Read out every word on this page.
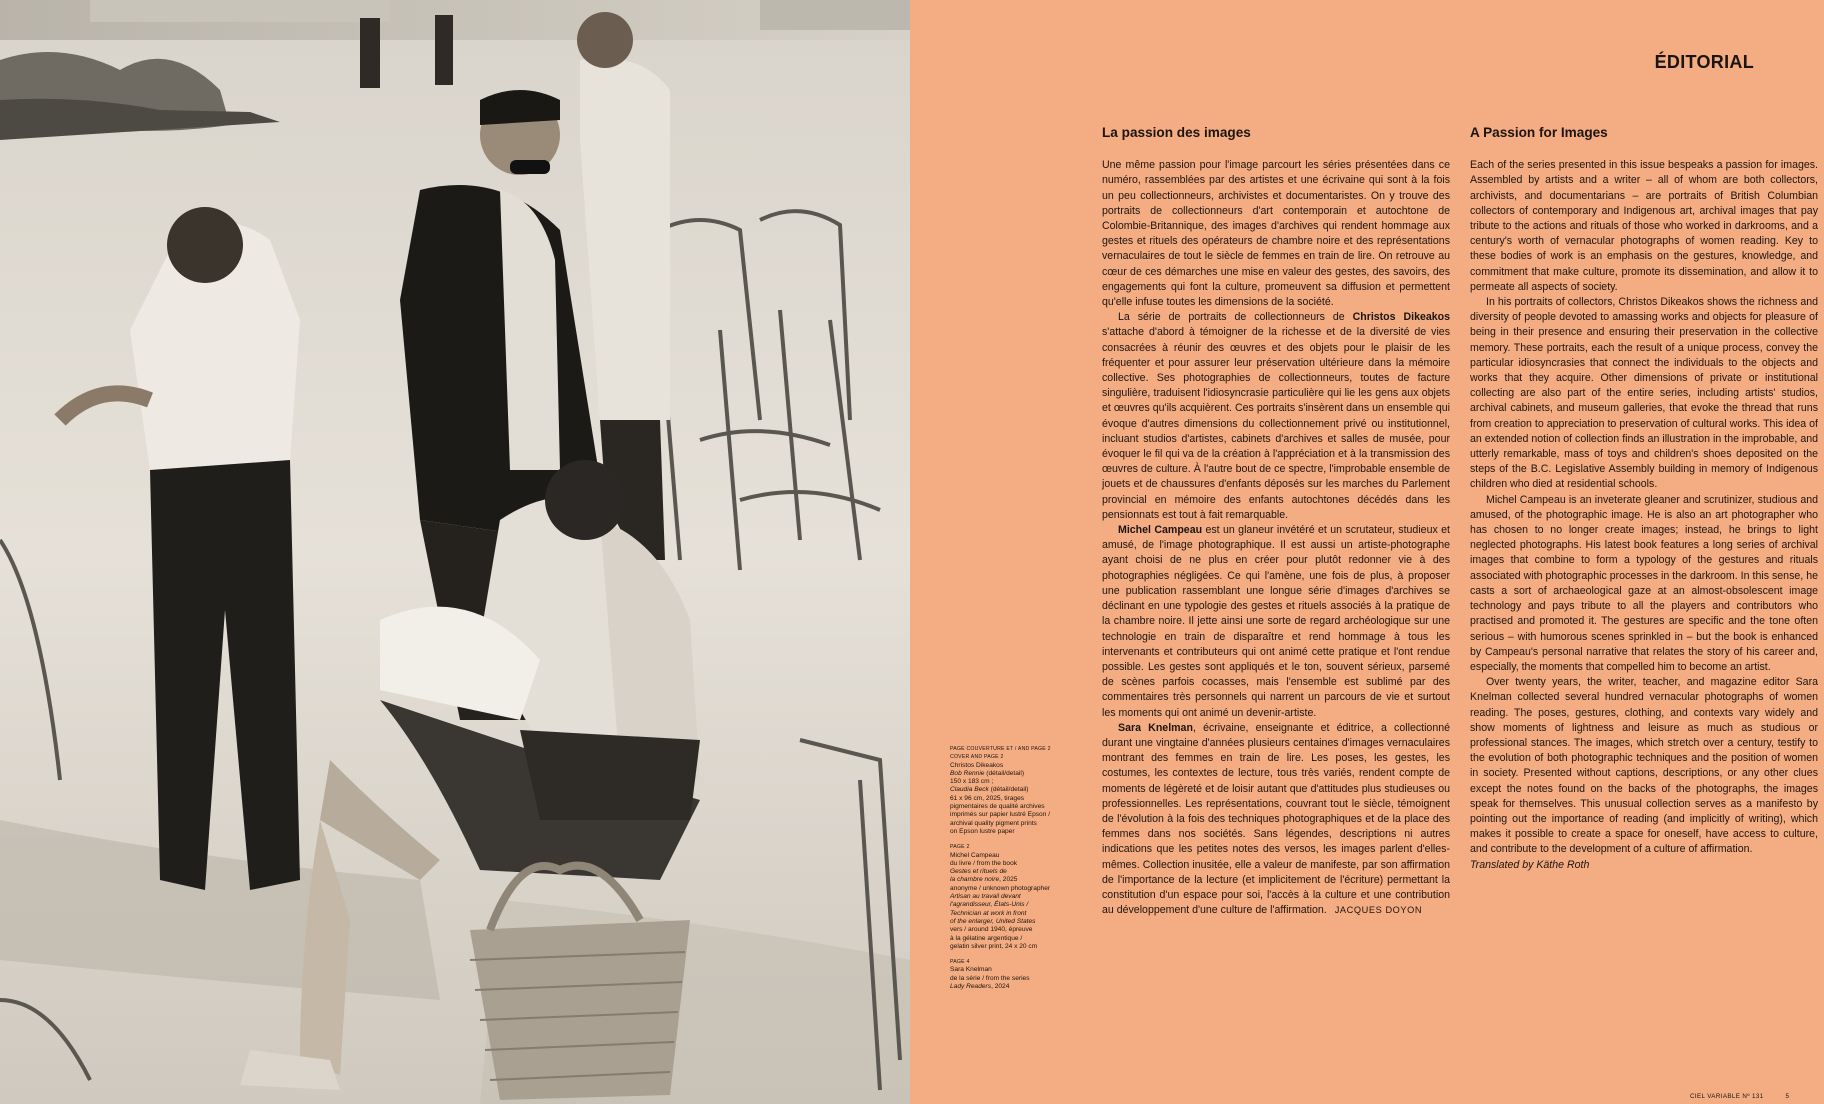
ÉDITORIAL
PAGE COUVERTURE ET / AND PAGE 2
COVER AND PAGE 2
Christos Dikeakos
Bob Rennie (détail/detail)
150 x 183 cm ;
Claudia Beck (détail/detail)
61 x 96 cm, 2025, tirages
pigmentaires de qualité archives
imprimés sur papier lustré Epson /
archival quality pigment prints
on Epson lustre paper
PAGE 2
Michel Campeau
du livre / from the book
Gestes et rituels de
la chambre noire, 2025
anonyme / unknown photographer
Artisan au travail devant
l'agrandisseur, États-Unis /
Technician at work in front
of the enlarger, United States
vers / around 1940, épreuve
à la gélatine argentique /
gelatin silver print, 24 x 20 cm
PAGE 4
Sara Knelman
de la série / from the series
Lady Readers, 2024
La passion des images

Une même passion pour l'image parcourt les séries présentées dans ce numéro, rassemblées par des artistes et une écrivaine qui sont à la fois un peu collectionneurs, archivistes et documentaristes. On y trouve des portraits de collectionneurs d'art contemporain et autochtone de Colombie-Britannique, des images d'archives qui rendent hommage aux gestes et rituels des opérateurs de chambre noire et des représentations vernaculaires de tout le siècle de femmes en train de lire. On retrouve au cœur de ces démarches une mise en valeur des gestes, des savoirs, des engagements qui font la culture, promeuvent sa diffusion et permettent qu'elle infuse toutes les dimensions de la société.

La série de portraits de collectionneurs de Christos Dikeakos s'attache d'abord à témoigner de la richesse et de la diversité de vies consacrées à réunir des œuvres et des objets pour le plaisir de les fréquenter et pour assurer leur préservation ultérieure dans la mémoire collective. Ses photographies de collectionneurs, toutes de facture singulière, traduisent l'idiosyncrasie particulière qui lie les gens aux objets et œuvres qu'ils acquièrent. Ces portraits s'insèrent dans un ensemble qui évoque d'autres dimensions du collectionnement privé ou institutionnel, incluant studios d'artistes, cabinets d'archives et salles de musée, pour évoquer le fil qui va de la création à l'appréciation et à la transmission des œuvres de culture. À l'autre bout de ce spectre, l'improbable ensemble de jouets et de chaussures d'enfants déposés sur les marches du Parlement provincial en mémoire des enfants autochtones décédés dans les pensionnats est tout à fait remarquable.

Michel Campeau est un glaneur invétéré et un scrutateur, studieux et amusé, de l'image photographique. Il est aussi un artiste-photographe ayant choisi de ne plus en créer pour plutôt redonner vie à des photographies négligées. Ce qui l'amène, une fois de plus, à proposer une publication rassemblant une longue série d'images d'archives se déclinant en une typologie des gestes et rituels associés à la pratique de la chambre noire. Il jette ainsi une sorte de regard archéologique sur une technologie en train de disparaître et rend hommage à tous les intervenants et contributeurs qui ont animé cette pratique et l'ont rendue possible. Les gestes sont appliqués et le ton, souvent sérieux, parsemé de scènes parfois cocasses, mais l'ensemble est sublimé par des commentaires très personnels qui narrent un parcours de vie et surtout les moments qui ont animé un devenir-artiste.

Sara Knelman, écrivaine, enseignante et éditrice, a collectionné durant une vingtaine d'années plusieurs centaines d'images vernaculaires montrant des femmes en train de lire. Les poses, les gestes, les costumes, les contextes de lecture, tous très variés, rendent compte de moments de légèreté et de loisir autant que d'attitudes plus studieuses ou professionnelles. Les représentations, couvrant tout le siècle, témoignent de l'évolution à la fois des techniques photographiques et de la place des femmes dans nos sociétés. Sans légendes, descriptions ni autres indications que les petites notes des versos, les images parlent d'elles-mêmes. Collection inusitée, elle a valeur de manifeste, par son affirmation de l'importance de la lecture (et implicitement de l'écriture) permettant la constitution d'un espace pour soi, l'accès à la culture et une contribution au développement d'une culture de l'affirmation. JACQUES DOYON

A Passion for Images

Each of the series presented in this issue bespeaks a passion for images. Assembled by artists and a writer – all of whom are both collectors, archivists, and documentarians – are portraits of British Columbian collectors of contemporary and Indigenous art, archival images that pay tribute to the actions and rituals of those who worked in darkrooms, and a century's worth of vernacular photographs of women reading. Key to these bodies of work is an emphasis on the gestures, knowledge, and commitment that make culture, promote its dissemination, and allow it to permeate all aspects of society.

In his portraits of collectors, Christos Dikeakos shows the richness and diversity of people devoted to amassing works and objects for pleasure of being in their presence and ensuring their preservation in the collective memory. These portraits, each the result of a unique process, convey the particular idiosyncrasies that connect the individuals to the objects and works that they acquire. Other dimensions of private or institutional collecting are also part of the entire series, including artists' studios, archival cabinets, and museum galleries, that evoke the thread that runs from creation to appreciation to preservation of cultural works. This idea of an extended notion of collection finds an illustration in the improbable, and utterly remarkable, mass of toys and children's shoes deposited on the steps of the B.C. Legislative Assembly building in memory of Indigenous children who died at residential schools.

Michel Campeau is an inveterate gleaner and scrutinizer, studious and amused, of the photographic image. He is also an art photographer who has chosen to no longer create images; instead, he brings to light neglected photographs. His latest book features a long series of archival images that combine to form a typology of the gestures and rituals associated with photographic processes in the darkroom. In this sense, he casts a sort of archaeological gaze at an almost-obsolescent image technology and pays tribute to all the players and contributors who practised and promoted it. The gestures are specific and the tone often serious – with humorous scenes sprinkled in – but the book is enhanced by Campeau's personal narrative that relates the story of his career and, especially, the moments that compelled him to become an artist.

Over twenty years, the writer, teacher, and magazine editor Sara Knelman collected several hundred vernacular photographs of women reading. The poses, gestures, clothing, and contexts vary widely and show moments of lightness and leisure as much as studious or professional stances. The images, which stretch over a century, testify to the evolution of both photographic techniques and the position of women in society. Presented without captions, descriptions, or any other clues except the notes found on the backs of the photographs, the images speak for themselves. This unusual collection serves as a manifesto by pointing out the importance of reading (and implicitly of writing), which makes it possible to create a space for oneself, have access to culture, and contribute to the development of a culture of affirmation.

Translated by Käthe Roth

CIEL VARIABLE Nº 131	5
